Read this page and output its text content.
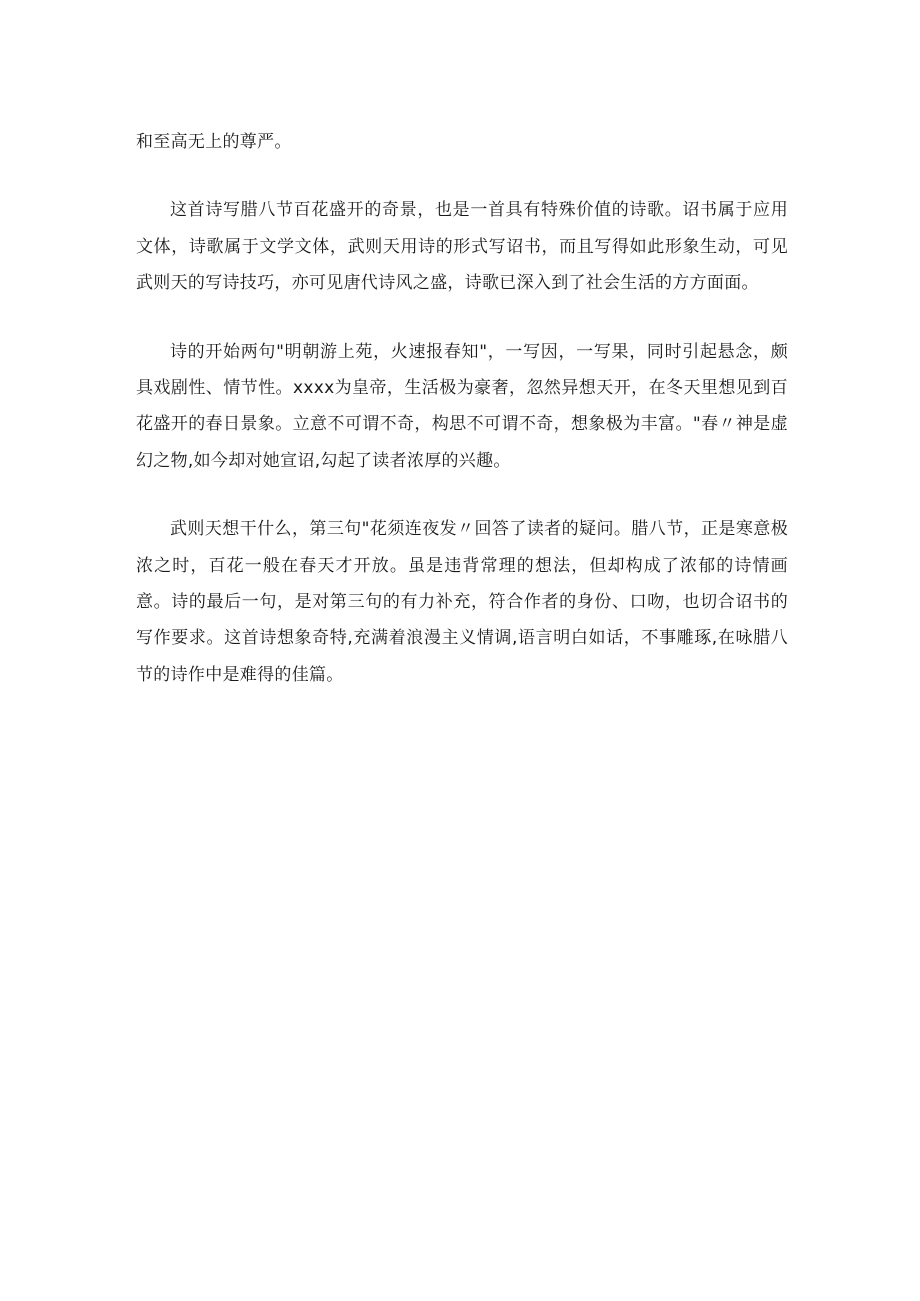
和至高无上的尊严。

这首诗写腊八节百花盛开的奇景，也是一首具有特殊价值的诗歌。诏书属于应用文体，诗歌属于文学文体，武则天用诗的形式写诏书，而且写得如此形象生动，可见武则天的写诗技巧，亦可见唐代诗风之盛，诗歌已深入到了社会生活的方方面面。

诗的开始两句"明朝游上苑，火速报春知"，一写因，一写果，同时引起悬念，颇具戏剧性、情节性。xxxx为皇帝，生活极为豪奢，忽然异想天开，在冬天里想见到百花盛开的春日景象。立意不可谓不奇，构思不可谓不奇，想象极为丰富。"春〃神是虚幻之物,如今却对她宣诏,勾起了读者浓厚的兴趣。

武则天想干什么，第三句"花须连夜发〃回答了读者的疑问。腊八节，正是寒意极浓之时，百花一般在春天才开放。虽是违背常理的想法，但却构成了浓郁的诗情画意。诗的最后一句，是对第三句的有力补充，符合作者的身份、口吻，也切合诏书的写作要求。这首诗想象奇特,充满着浪漫主义情调,语言明白如话，不事雕琢,在咏腊八节的诗作中是难得的佳篇。
